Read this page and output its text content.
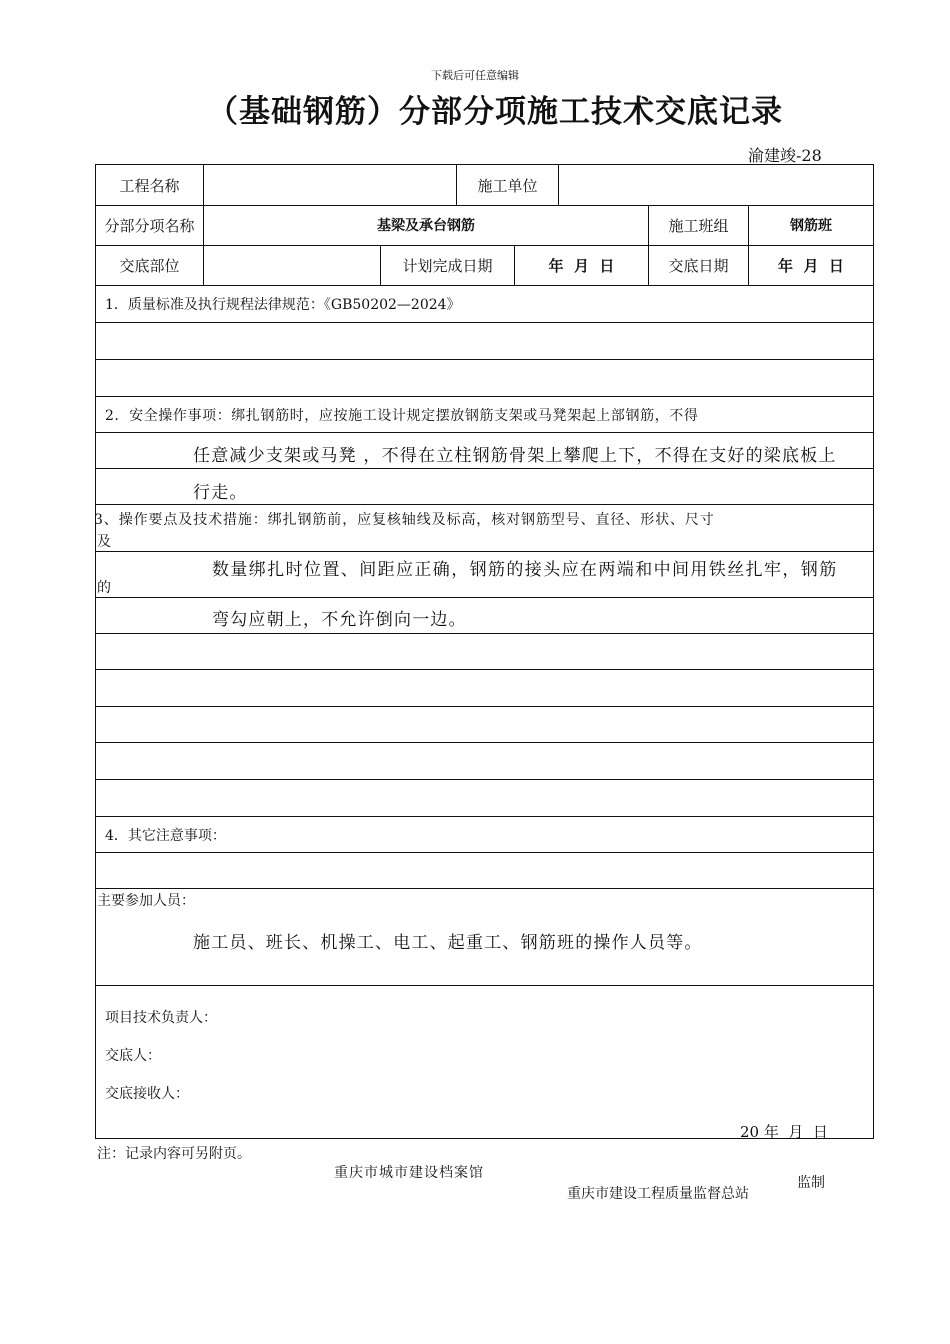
下载后可任意编辑
（基础钢筋）分部分项施工技术交底记录
渝建竣-28
工程名称	施工单位
分部分项名称	基梁及承台钢筋	施工班组	钢筋班
交底部位	计划完成日期	年  月  日	交底日期	年  月  日
1．质量标准及执行规程法律规范：《GB50202—2024》
2．安全操作事项：绑扎钢筋时，应按施工设计规定摆放钢筋支架或马凳架起上部钢筋，不得
任意减少支架或马凳 ，不得在立柱钢筋骨架上攀爬上下，不得在支好的梁底板上
行走。
3、操作要点及技术措施：绑扎钢筋前，应复核轴线及标高，核对钢筋型号、直径、形状、尺寸
及
数量绑扎时位置、间距应正确，钢筋的接头应在两端和中间用铁丝扎牢，钢筋
的
弯勾应朝上，不允许倒向一边。
4．其它注意事项：
主要参加人员：
施工员、班长、机操工、电工、起重工、钢筋班的操作人员等。
项目技术负责人：
交底人：
交底接收人：
20 年  月  日
注：记录内容可另附页。
重庆市城市建设档案馆
重庆市建设工程质量监督总站
监制
